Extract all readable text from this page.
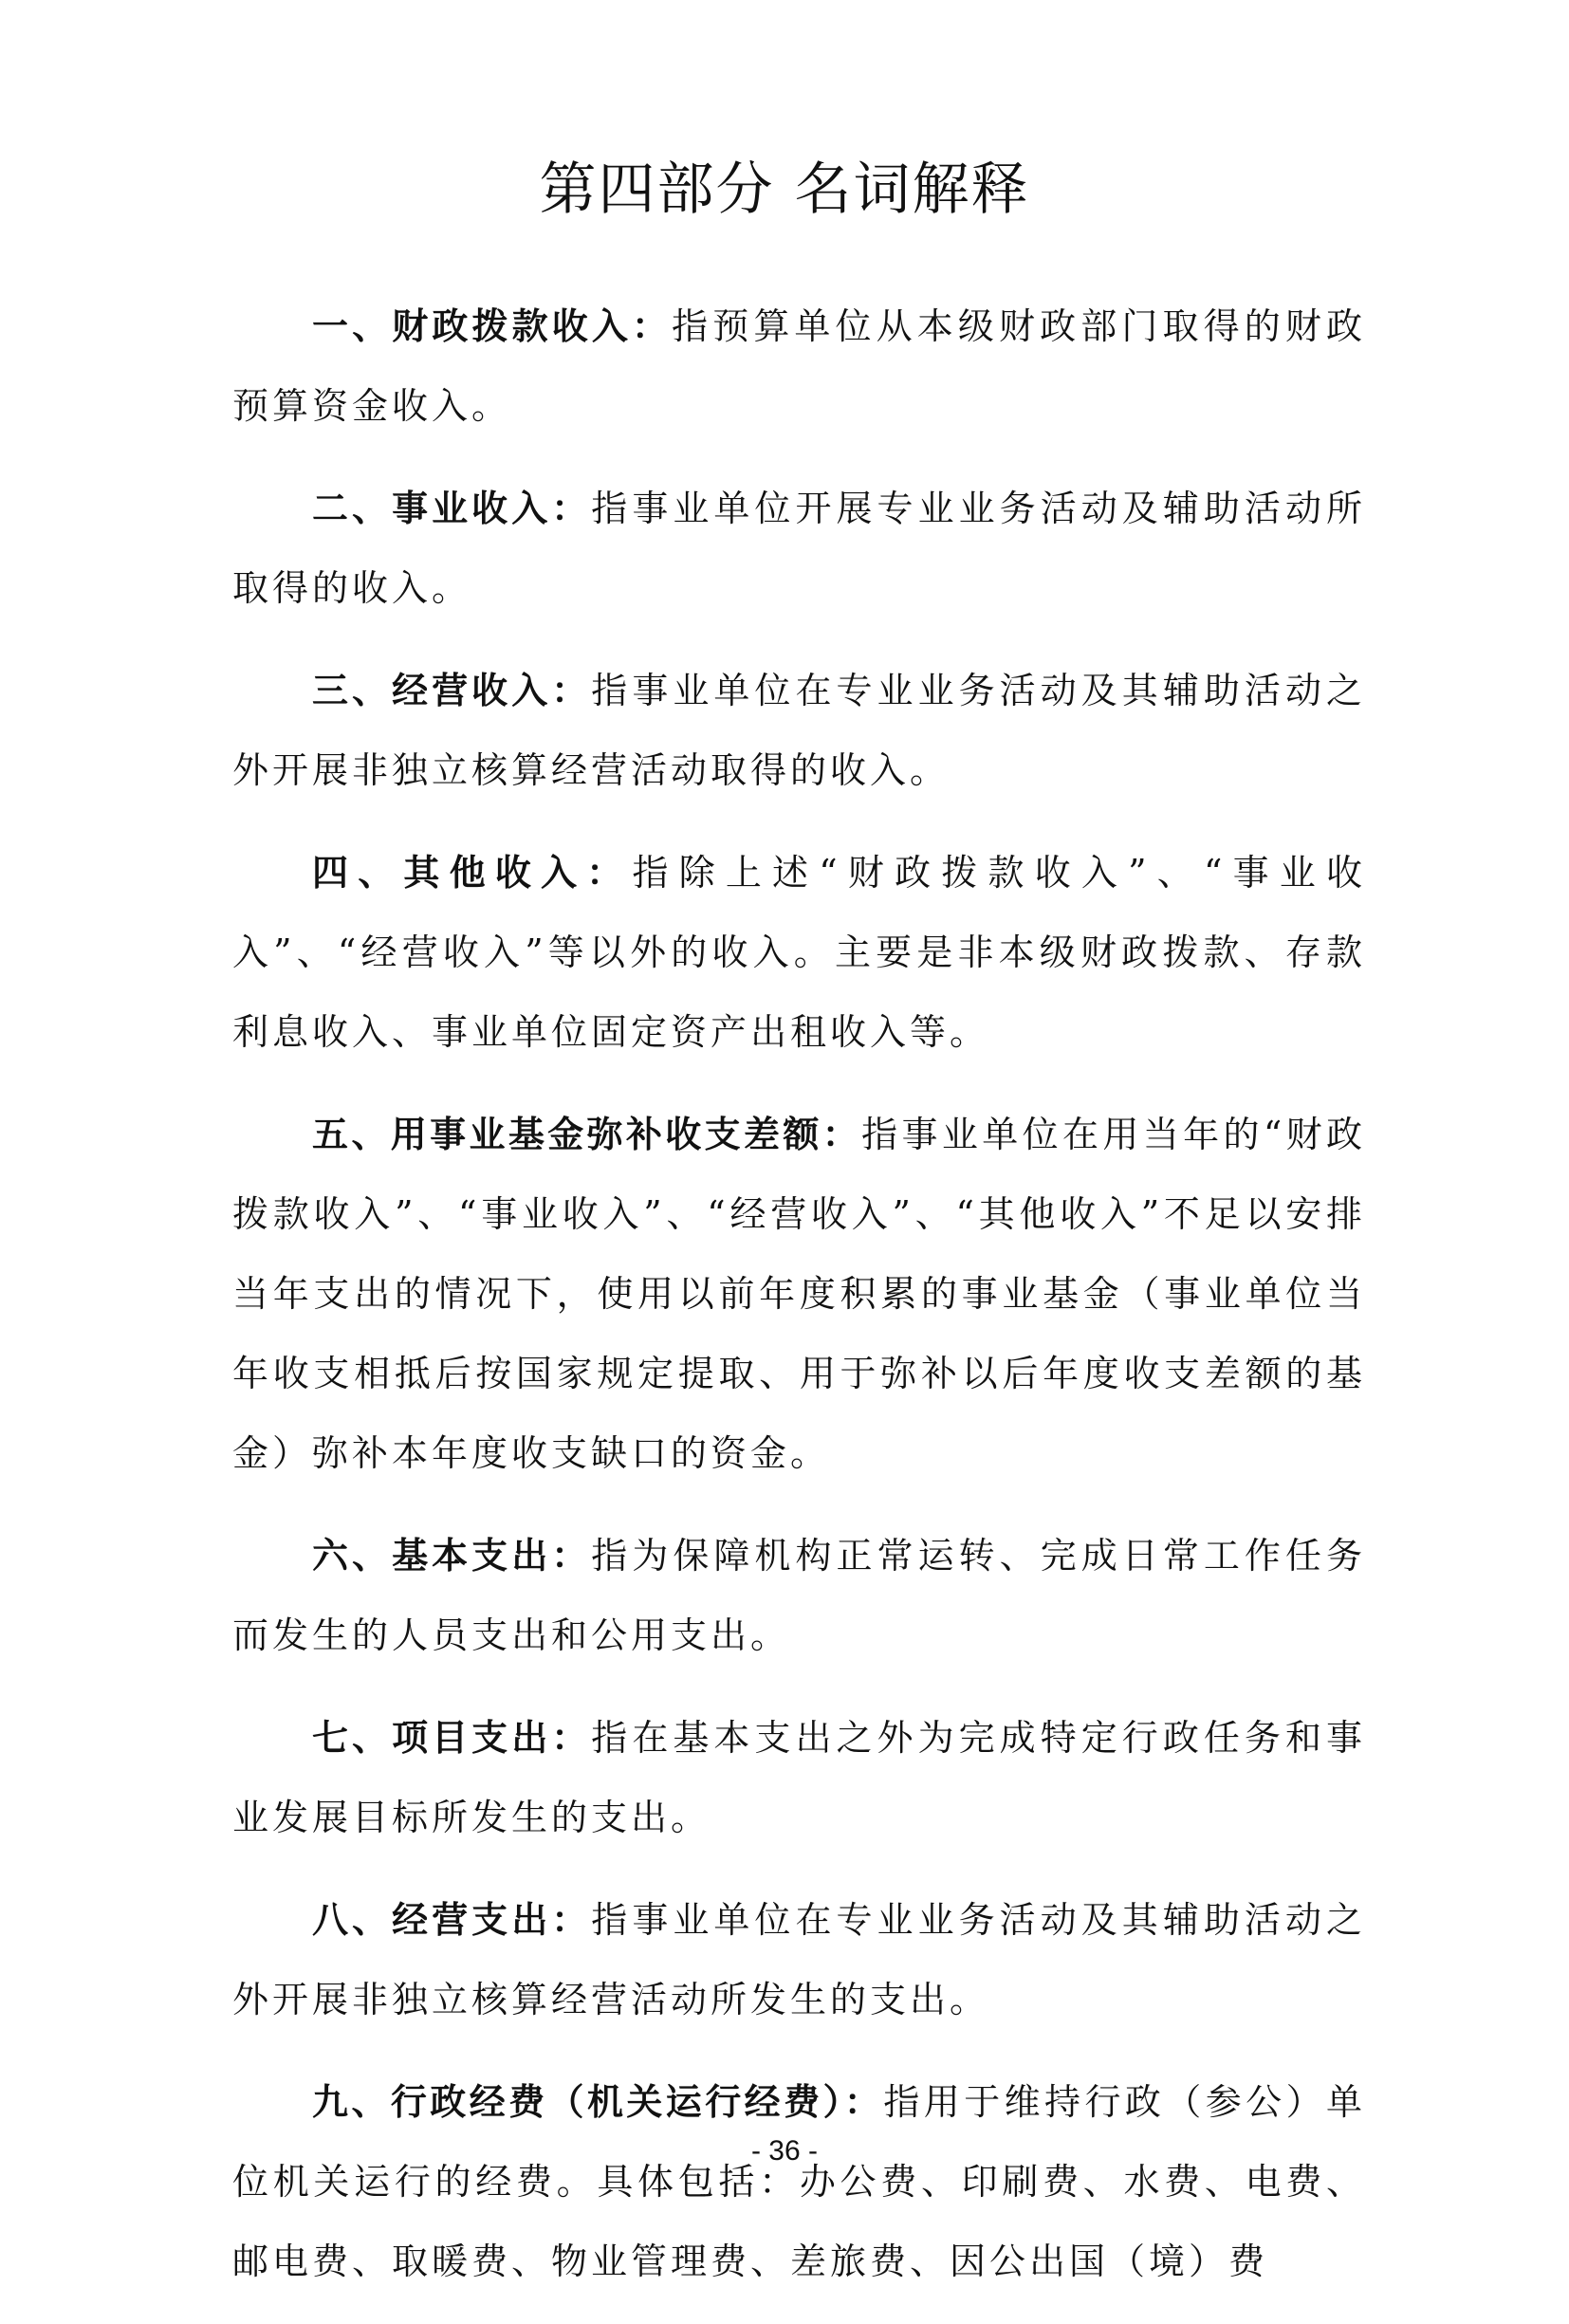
第四部分 名词解释

一、财政拨款收入：指预算单位从本级财政部门取得的财政预算资金收入。

二、事业收入：指事业单位开展专业业务活动及辅助活动所取得的收入。

三、经营收入：指事业单位在专业业务活动及其辅助活动之外开展非独立核算经营活动取得的收入。

四、其他收入：指除上述“财政拨款收入”、“事业收入”、“经营收入”等以外的收入。主要是非本级财政拨款、存款利息收入、事业单位固定资产出租收入等。

五、用事业基金弥补收支差额：指事业单位在用当年的“财政拨款收入”、“事业收入”、“经营收入”、“其他收入”不足以安排当年支出的情况下，使用以前年度积累的事业基金（事业单位当年收支相抵后按国家规定提取、用于弥补以后年度收支差额的基金）弥补本年度收支缺口的资金。

六、基本支出：指为保障机构正常运转、完成日常工作任务而发生的人员支出和公用支出。

七、项目支出：指在基本支出之外为完成特定行政任务和事业发展目标所发生的支出。

八、经营支出：指事业单位在专业业务活动及其辅助活动之外开展非独立核算经营活动所发生的支出。

九、行政经费（机关运行经费）：指用于维持行政（参公）单位机关运行的经费。具体包括：办公费、印刷费、水费、电费、邮电费、取暖费、物业管理费、差旅费、因公出国（境）费

- 36 -
